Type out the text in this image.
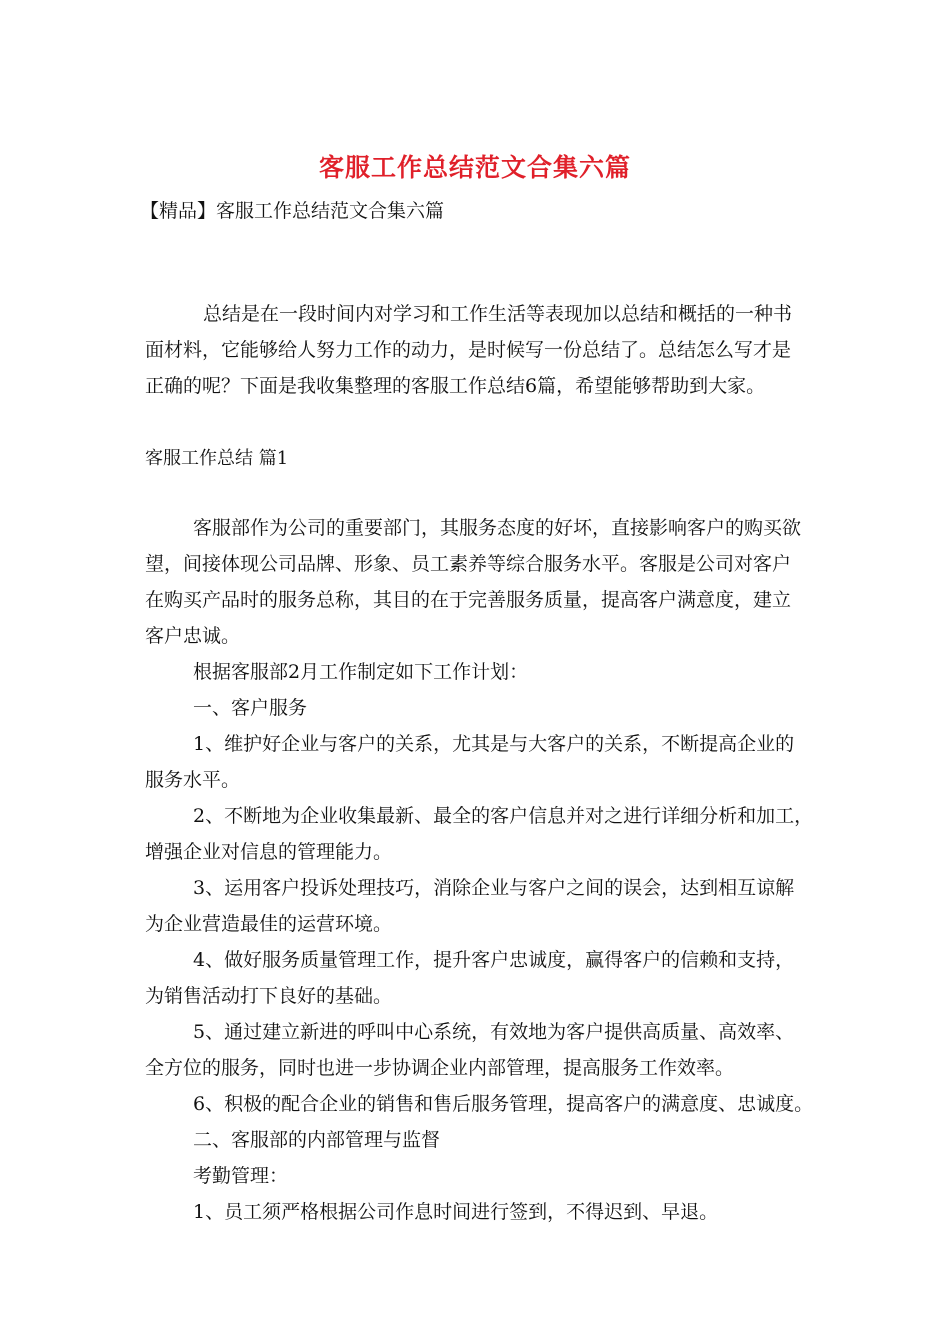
客服工作总结范文合集六篇
【精品】客服工作总结范文合集六篇
总结是在一段时间内对学习和工作生活等表现加以总结和概括的一种书
面材料，它能够给人努力工作的动力，是时候写一份总结了。总结怎么写才是
正确的呢？下面是我收集整理的客服工作总结6篇，希望能够帮助到大家。
客服工作总结 篇1
客服部作为公司的重要部门，其服务态度的好坏，直接影响客户的购买欲
望，间接体现公司品牌、形象、员工素养等综合服务水平。客服是公司对客户
在购买产品时的服务总称，其目的在于完善服务质量，提高客户满意度，建立
客户忠诚。
根据客服部2月工作制定如下工作计划：
一、客户服务
1、维护好企业与客户的关系，尤其是与大客户的关系，不断提高企业的
服务水平。
2、不断地为企业收集最新、最全的客户信息并对之进行详细分析和加工，
增强企业对信息的管理能力。
3、运用客户投诉处理技巧，消除企业与客户之间的误会，达到相互谅解
为企业营造最佳的运营环境。
4、做好服务质量管理工作，提升客户忠诚度，赢得客户的信赖和支持，
为销售活动打下良好的基础。
5、通过建立新进的呼叫中心系统，有效地为客户提供高质量、高效率、
全方位的服务，同时也进一步协调企业内部管理，提高服务工作效率。
6、积极的配合企业的销售和售后服务管理，提高客户的满意度、忠诚度。
二、客服部的内部管理与监督
考勤管理：
1、员工须严格根据公司作息时间进行签到，不得迟到、早退。
